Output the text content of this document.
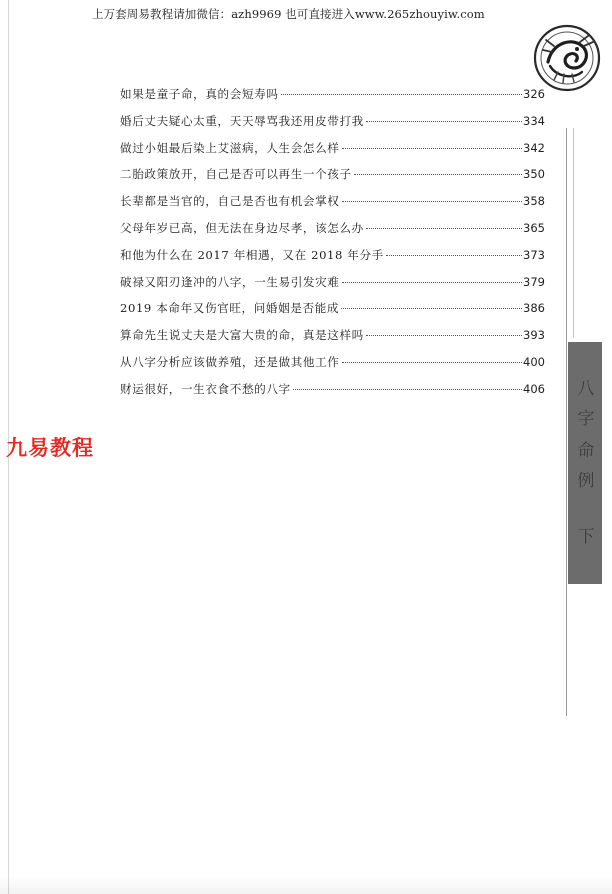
上万套周易教程请加微信：azh9969 也可直接进入www.265zhouyiw.com
如果是童子命，真的会短寿吗	326
婚后丈夫疑心太重，天天辱骂我还用皮带打我	334
做过小姐最后染上艾滋病，人生会怎么样	342
二胎政策放开，自己是否可以再生一个孩子	350
长辈都是当官的，自己是否也有机会掌权	358
父母年岁已高，但无法在身边尽孝，该怎么办	365
和他为什么在 2017 年相遇，又在 2018 年分手	373
破禄又阳刃逢冲的八字，一生易引发灾难	379
2019 本命年又伤官旺，问婚姻是否能成	386
算命先生说丈夫是大富大贵的命，真是这样吗	393
从八字分析应该做养殖，还是做其他工作	400
财运很好，一生衣食不愁的八字	406
九易教程
八
字
命
例
下
